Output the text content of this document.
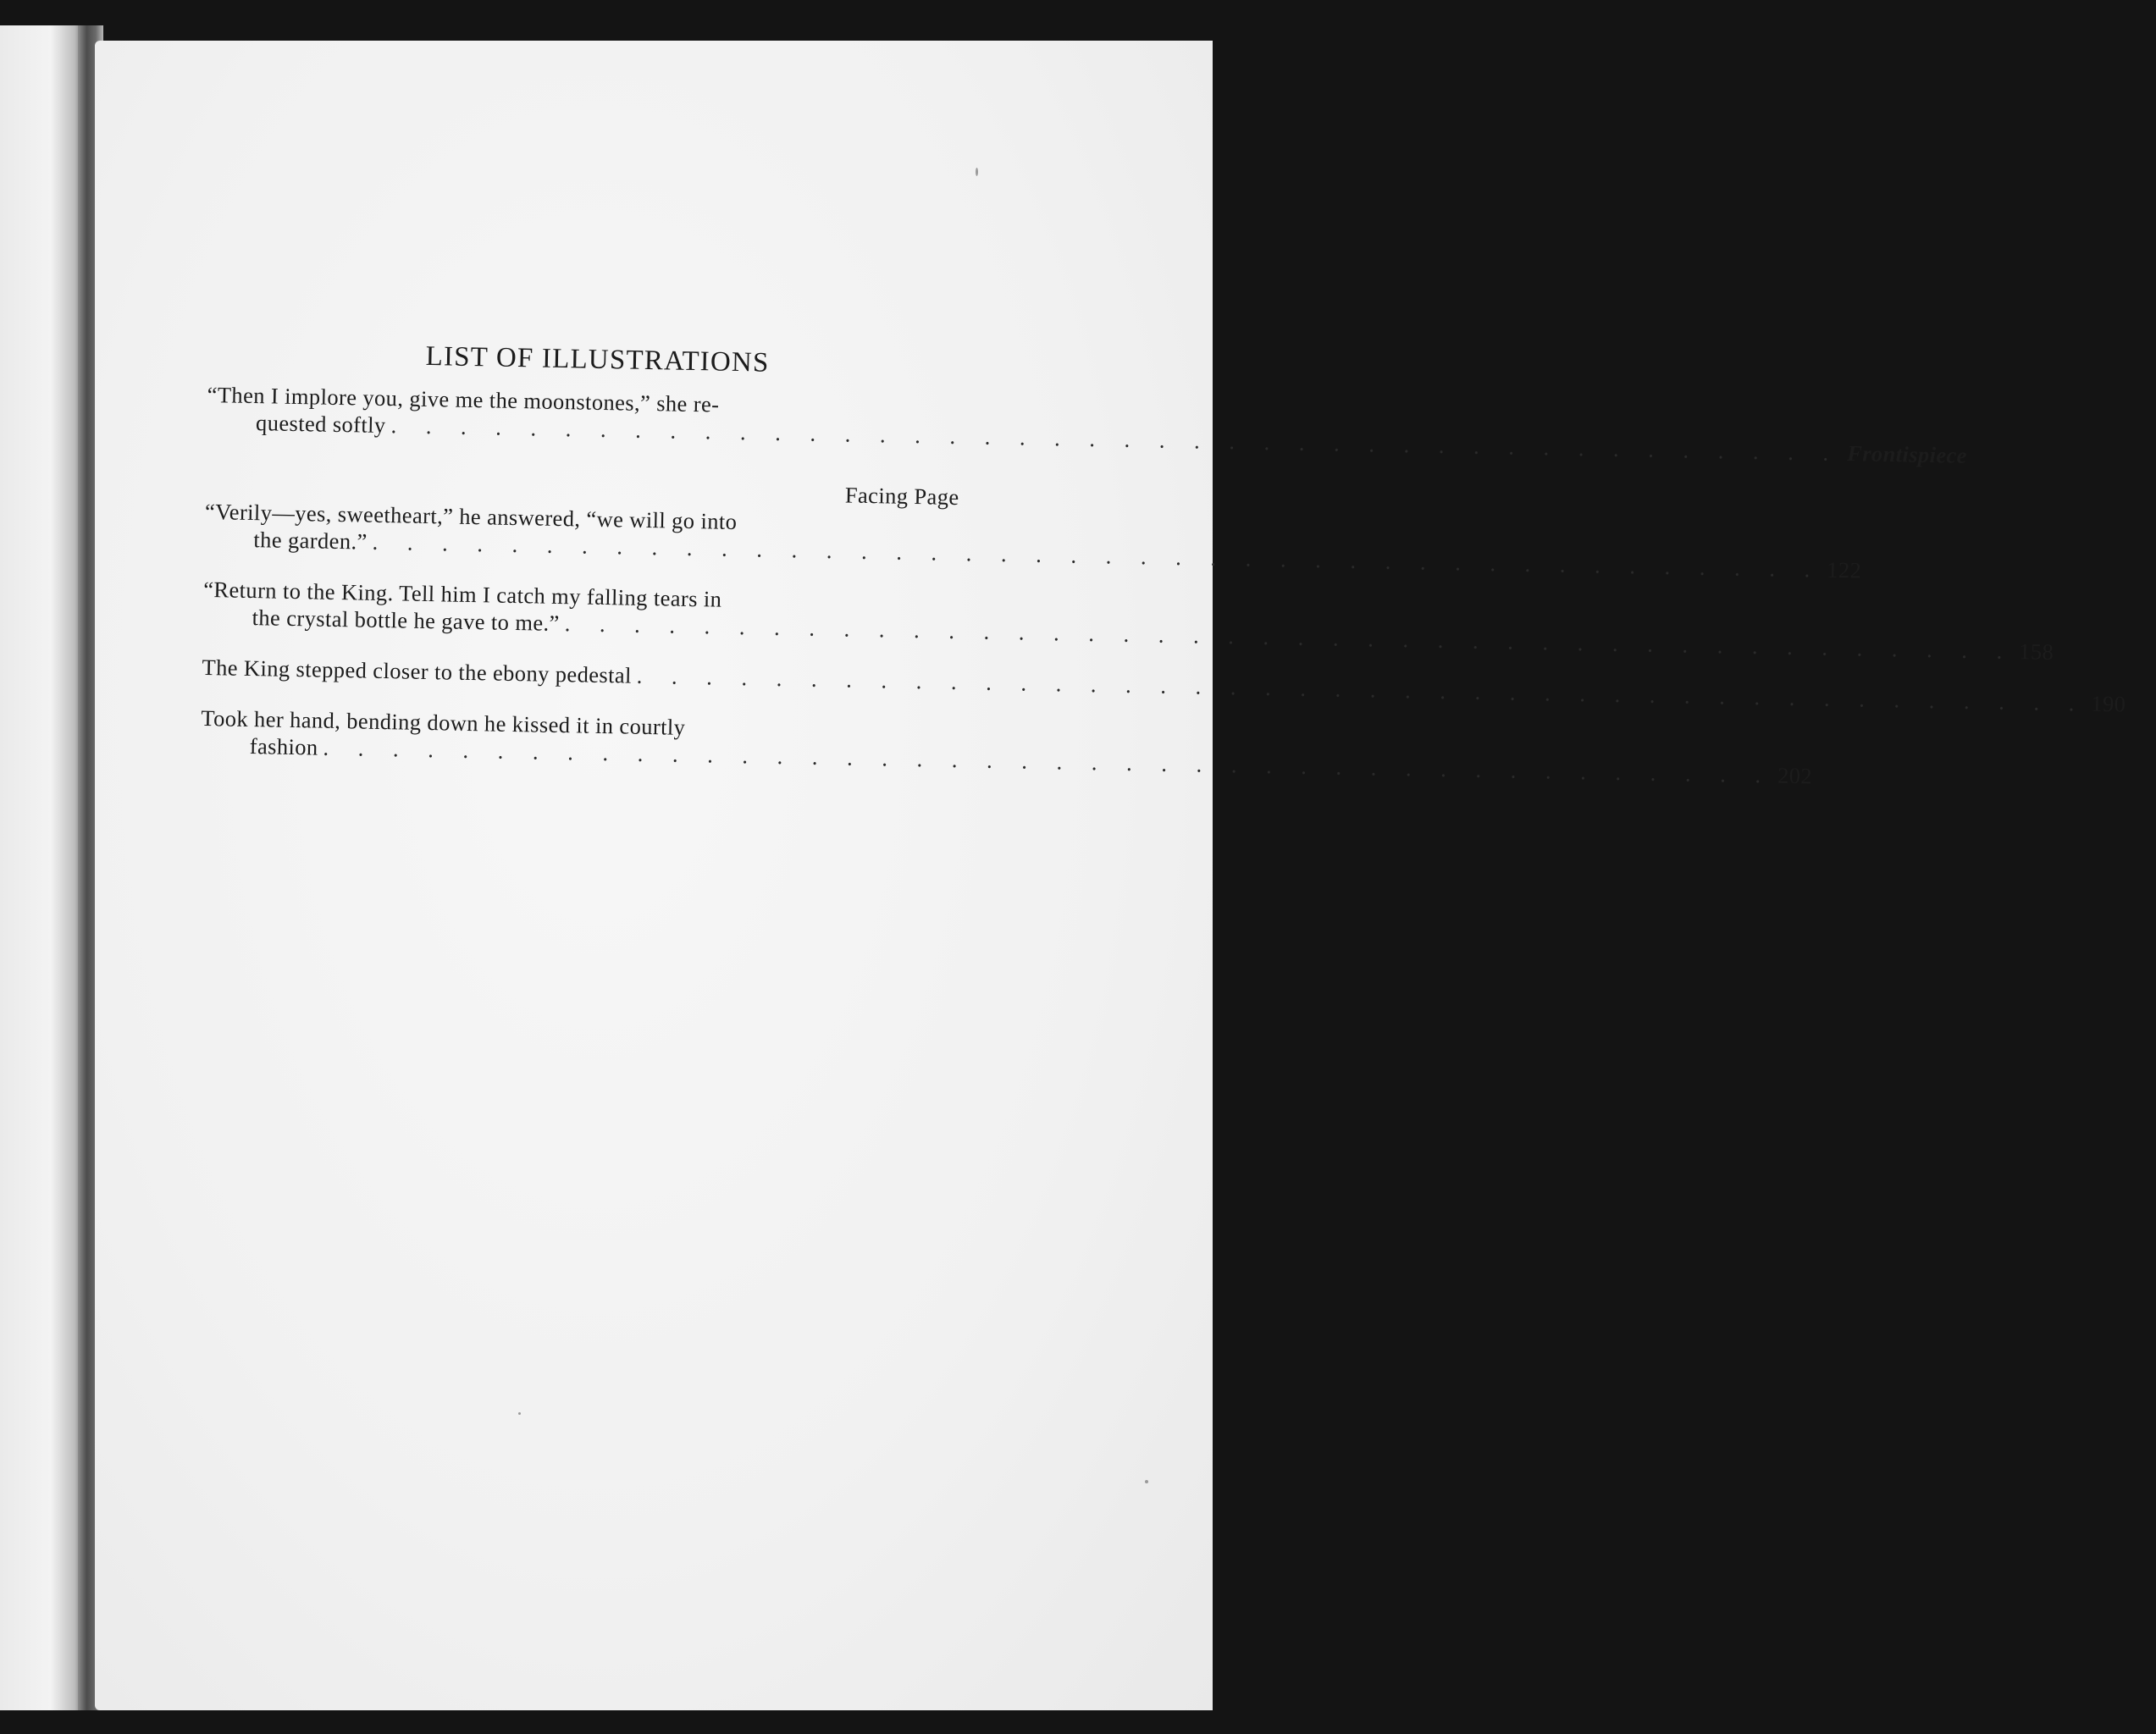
LIST OF ILLUSTRATIONS

“Then I implore you, give me the moonstones,” she re-

quested softly . . . . . . . . . . . . . . . . . . . . . . . . . . . . . . . . . . . . . . . . . . Frontispiece
Facing Page

“Verily—yes, sweetheart,” he answered, “we will go into

the garden.” . . . . . . . . . . . . . . . . . . . . . . . . . . . . . . . . . . . . . . . . . . 122

“Return to the King. Tell him I catch my falling tears in

the crystal bottle he gave to me.” . . . . . . . . . . . . . . . . . . . . . . . . . . . . . . . . . . . . . . . . . . 158
The King stepped closer to the ebony pedestal . . . . . . . . . . . . . . . . . . . . . . . . . . . . . . . . . . . . . . . . . . 190

Took her hand, bending down he kissed it in courtly

fashion . . . . . . . . . . . . . . . . . . . . . . . . . . . . . . . . . . . . . . . . . . 202
